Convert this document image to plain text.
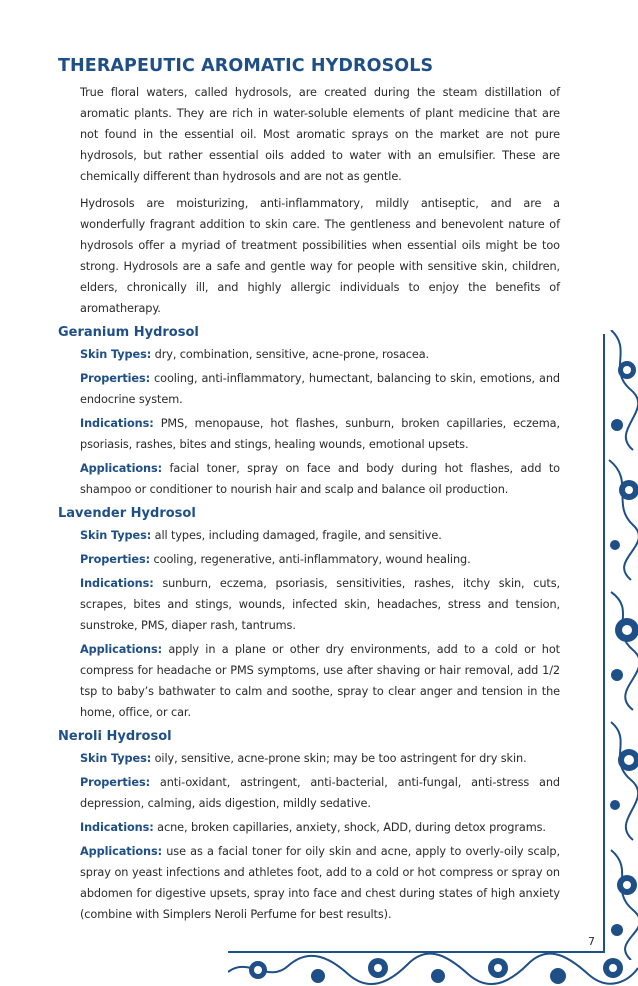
THERAPEUTIC AROMATIC HYDROSOLS

True floral waters, called hydrosols, are created during the steam distillation of aromatic plants. They are rich in water-soluble elements of plant medicine that are not found in the essential oil. Most aromatic sprays on the market are not pure hydrosols, but rather essential oils added to water with an emulsifier. These are chemically different than hydrosols and are not as gentle.

Hydrosols are moisturizing, anti-inflammatory, mildly antiseptic, and are a wonderfully fragrant addition to skin care. The gentleness and benevolent nature of hydrosols offer a myriad of treatment possibilities when essential oils might be too strong. Hydrosols are a safe and gentle way for people with sensitive skin, children, elders, chronically ill, and highly allergic individuals to enjoy the benefits of aromatherapy.

Geranium Hydrosol

Skin Types: dry, combination, sensitive, acne-prone, rosacea.

Properties: cooling, anti-inflammatory, humectant, balancing to skin, emotions, and endocrine system.

Indications: PMS, menopause, hot flashes, sunburn, broken capillaries, eczema, psoriasis, rashes, bites and stings, healing wounds, emotional upsets.

Applications: facial toner, spray on face and body during hot flashes, add to shampoo or conditioner to nourish hair and scalp and balance oil production.

Lavender Hydrosol

Skin Types: all types, including damaged, fragile, and sensitive.

Properties: cooling, regenerative, anti-inflammatory, wound healing.

Indications: sunburn, eczema, psoriasis, sensitivities, rashes, itchy skin, cuts, scrapes, bites and stings, wounds, infected skin, headaches, stress and tension, sunstroke, PMS, diaper rash, tantrums.

Applications: apply in a plane or other dry environments, add to a cold or hot compress for headache or PMS symptoms, use after shaving or hair removal, add 1/2 tsp to baby’s bathwater to calm and soothe, spray to clear anger and tension in the home, office, or car.

Neroli Hydrosol

Skin Types: oily, sensitive, acne-prone skin; may be too astringent for dry skin.

Properties: anti-oxidant, astringent, anti-bacterial, anti-fungal, anti-stress and depression, calming, aids digestion, mildly sedative.

Indications: acne, broken capillaries, anxiety, shock, ADD, during detox programs.

Applications: use as a facial toner for oily skin and acne, apply to overly-oily scalp, spray on yeast infections and athletes foot, add to a cold or hot compress or spray on abdomen for digestive upsets, spray into face and chest during states of high anxiety (combine with Simplers Neroli Perfume for best results).

7
